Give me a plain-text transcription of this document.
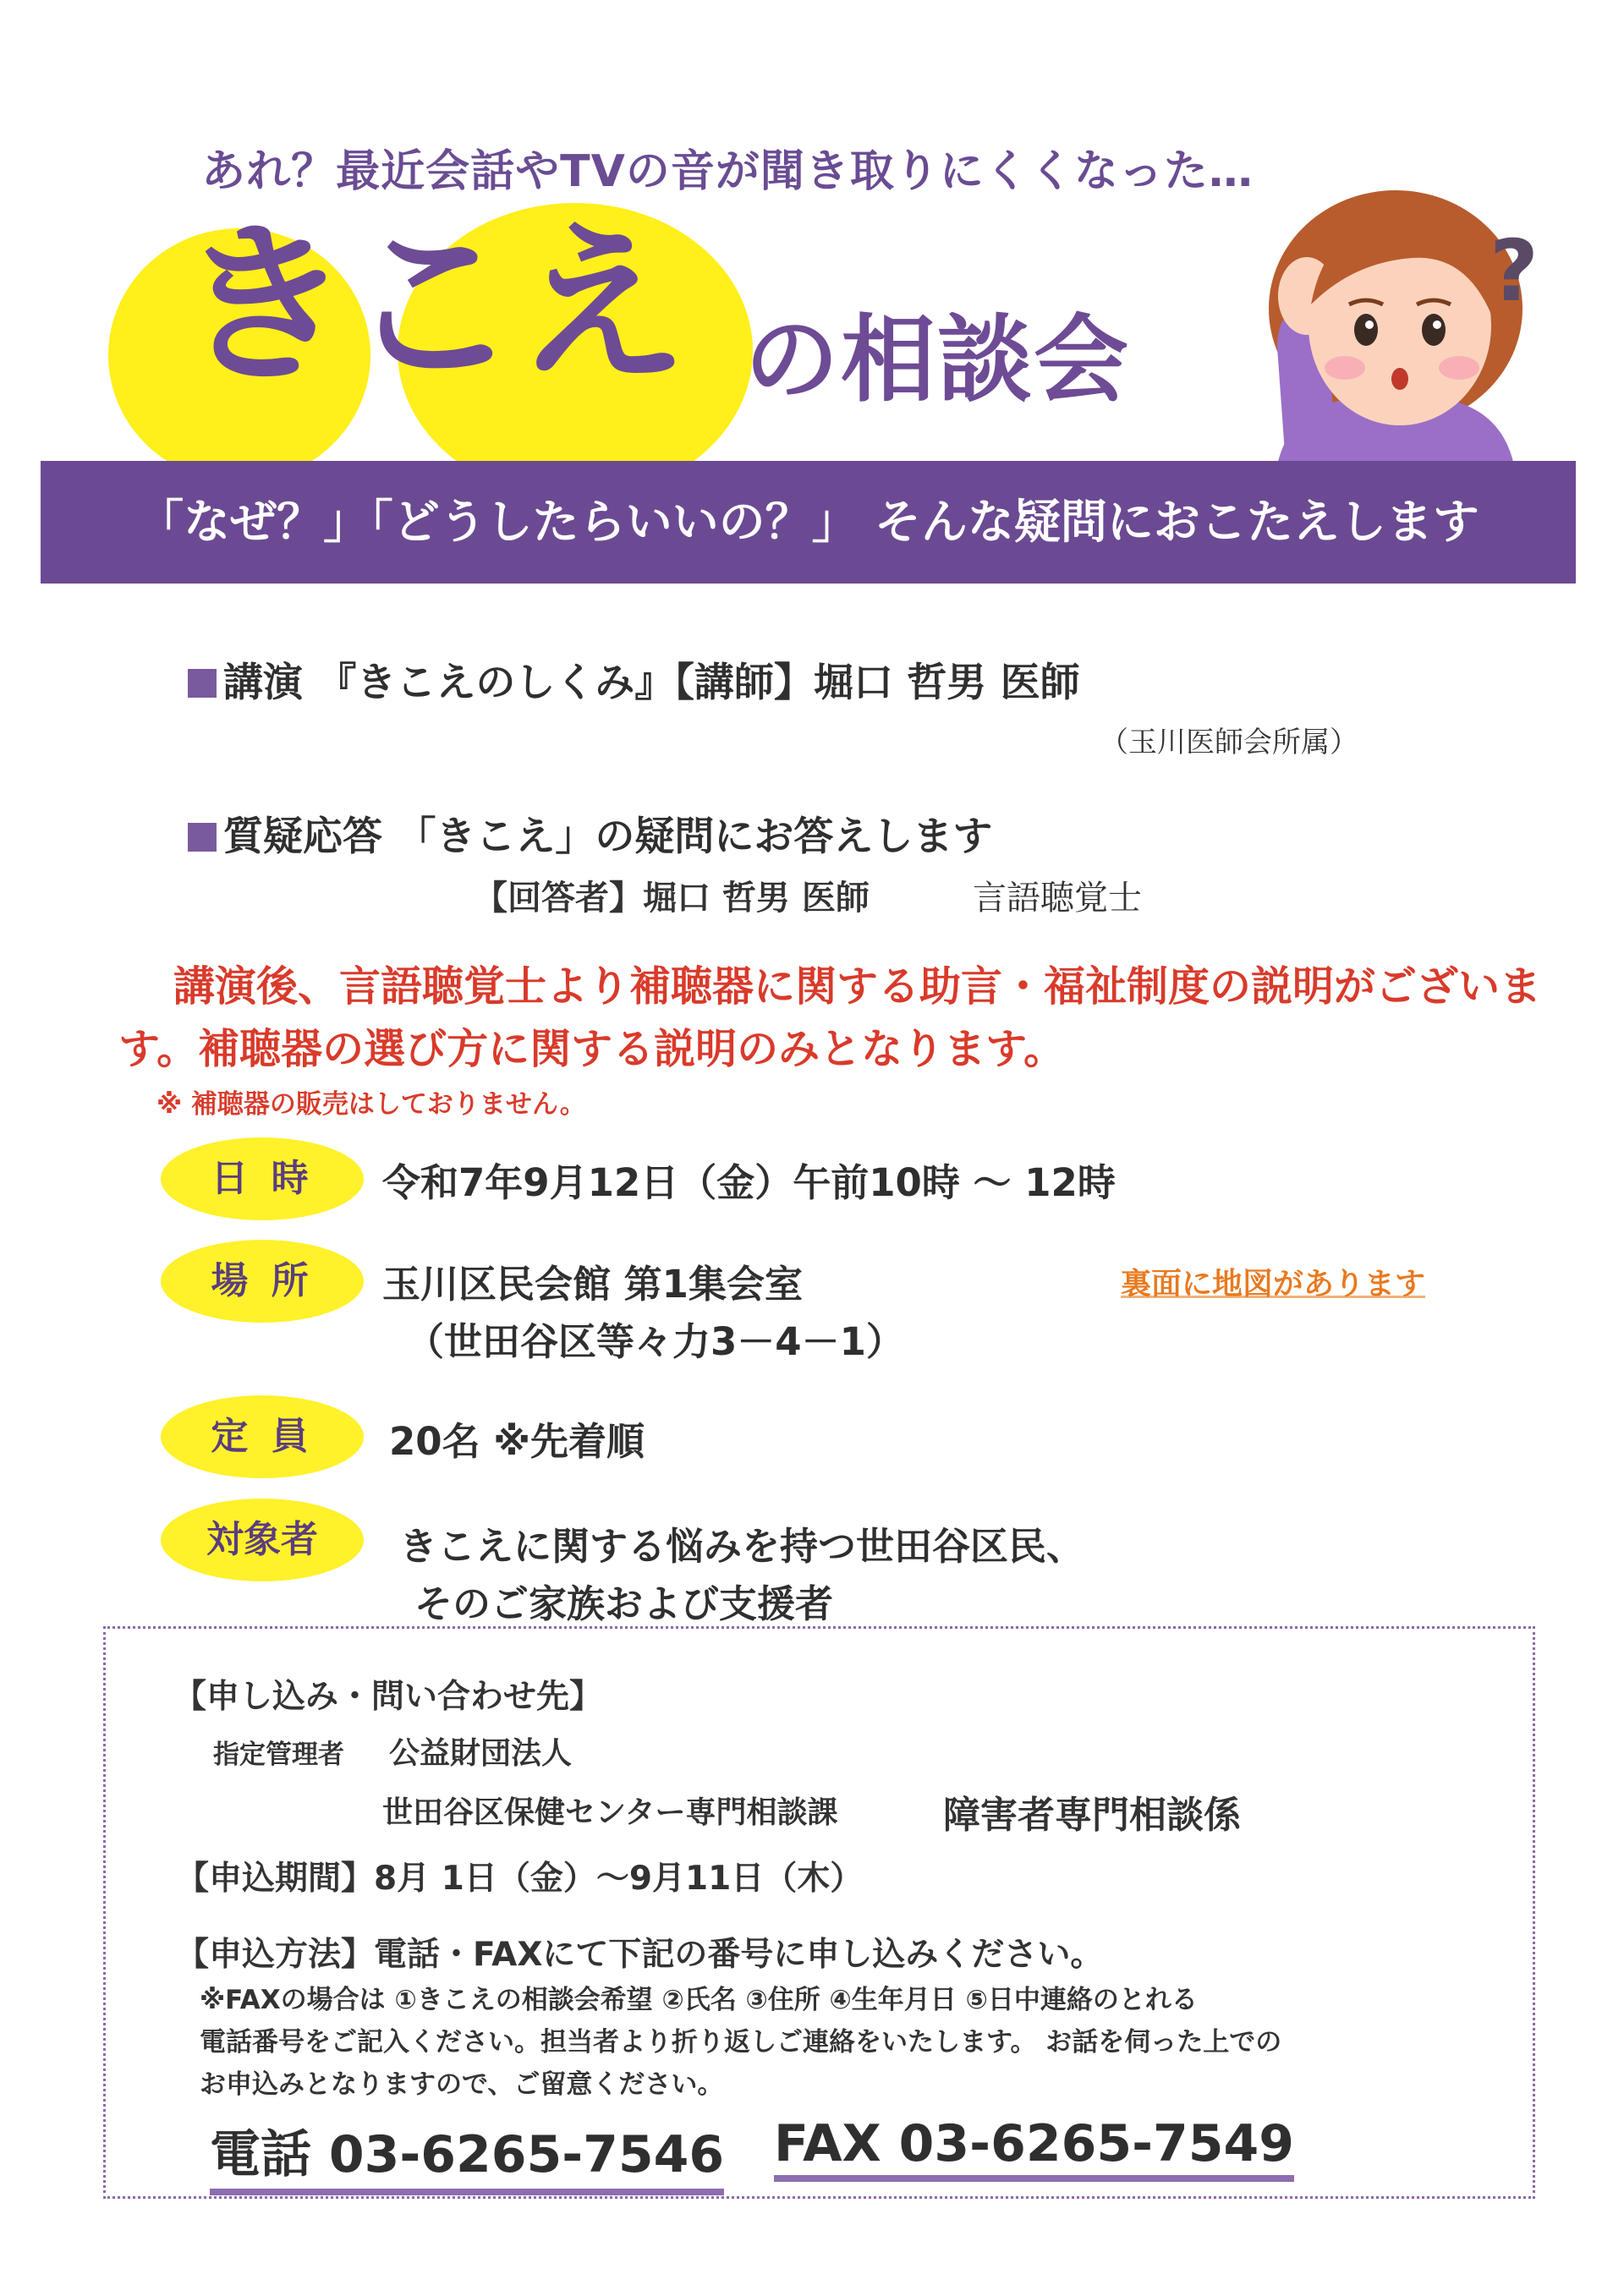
あれ？最近会話やTVの音が聞き取りにくくなった…
きこえ の相談会
?
「なぜ？」「どうしたらいいの？」 そんな疑問におこたえします
講演 『きこえのしくみ』【講師】堀口 哲男 医師
（玉川医師会所属）
質疑応答 「きこえ」の疑問にお答えします
【回答者】堀口 哲男 医師	言語聴覚士
講演後、言語聴覚士より補聴器に関する助言・福祉制度の説明がございま
す。補聴器の選び方に関する説明のみとなります。
※ 補聴器の販売はしておりません。
日 時	令和7年9月12日（金）午前10時 ～ 12時
場 所	玉川区民会館 第1集会室
（世田谷区等々力3－4－1）
裏面に地図があります
定 員	20名 ※先着順
対象者	きこえに関する悩みを持つ世田谷区民、
そのご家族および支援者
【申し込み・問い合わせ先】
指定管理者 公益財団法人
世田谷区保健センター専門相談課	障害者専門相談係
【申込期間】8月 1日（金）～9月11日（木）
【申込方法】電話・FAXにて下記の番号に申し込みください。
※FAXの場合は ①きこえの相談会希望 ②氏名 ③住所 ④生年月日 ⑤日中連絡のとれる
電話番号をご記入ください。担当者より折り返しご連絡をいたします。 お話を伺った上での
お申込みとなりますので、ご留意ください。
電話 03-6265-7546 FAX 03-6265-7549
